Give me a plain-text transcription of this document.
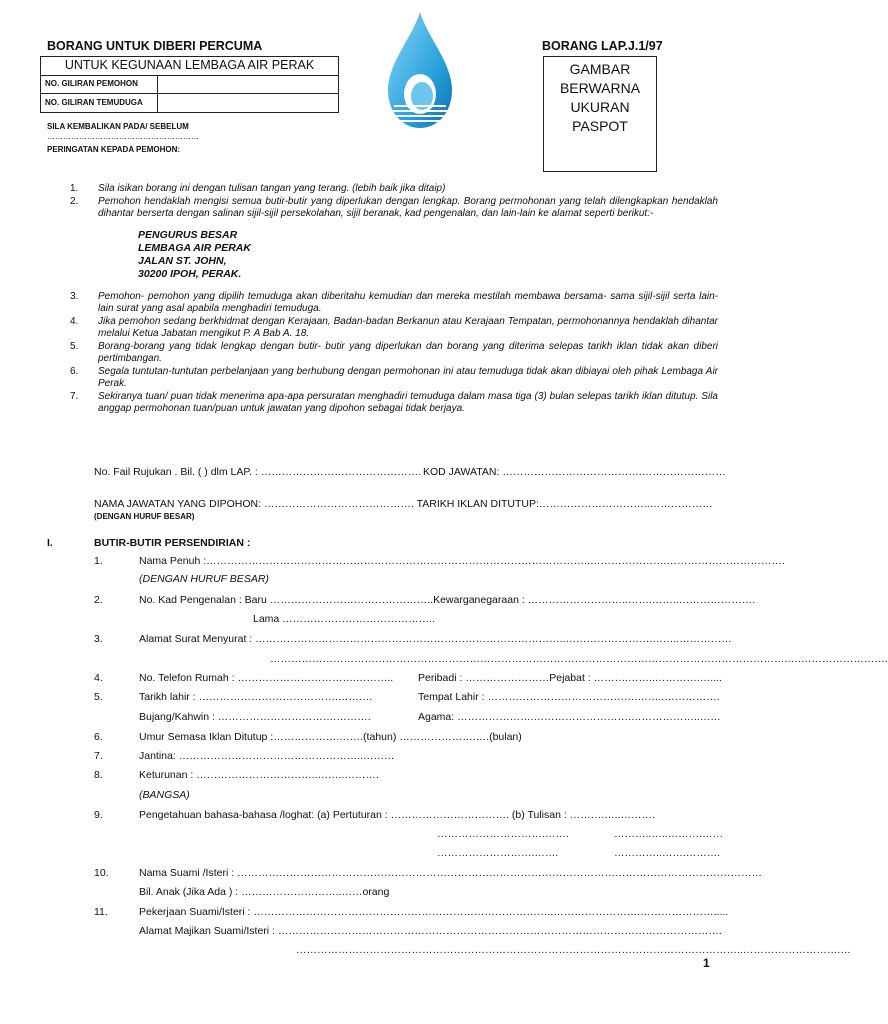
BORANG UNTUK DIBERI PERCUMA	BORANG LAP.J.1/97
UNTUK KEGUNAAN LEMBAGA AIR PERAK
NO. GILIRAN PEMOHON
NO. GILIRAN TEMUDUGA
SILA KEMBALIKAN PADA/ SEBELUM
…………………………………………………
PERINGATAN KEPADA PEMOHON:
GAMBAR
BERWARNA
UKURAN
PASPOT
1. Sila isikan borang ini dengan tulisan tangan yang terang. (lebih baik jika ditaip)
2. Pemohon hendaklah mengisi semua butir-butir yang diperlukan dengan lengkap. Borang permohonan yang telah dilengkapkan hendaklah dihantar berserta dengan salinan sijil-sijil persekolahan, sijil beranak, kad pengenalan, dan lain-lain ke alamat seperti berikut:-
PENGURUS BESAR
LEMBAGA AIR PERAK
JALAN ST. JOHN,
30200 IPOH, PERAK.
3. Pemohon- pemohon yang dipilih temuduga akan diberitahu kemudian dan mereka mestilah membawa bersama- sama sijil-sijil serta lain- lain surat yang asal apabila menghadiri temuduga.
4. Jika pemohon sedang berkhidmat dengan Kerajaan, Badan-badan Berkanun atau Kerajaan Tempatan, permohonannya hendaklah dihantar melalui Ketua Jabatan mengikut P. A Bab A. 18.
5. Borang-borang yang tidak lengkap dengan butir- butir yang diperlukan dan borang yang diterima selepas tarikh iklan tidak akan diberi pertimbangan.
6. Segala tuntutan-tuntutan perbelanjaan yang berhubung dengan permohonan ini atau temuduga tidak akan dibiayai oleh pihak Lembaga Air Perak.
7. Sekiranya tuan/ puan tidak menerima apa-apa persuratan menghadiri temuduga dalam masa tiga (3) bulan selepas tarikh iklan ditutup. Sila anggap permohonan tuan/puan untuk jawatan yang dipohon sebagai tidak berjaya.
No. Fail Rujukan . Bil. ( ) dlm LAP. : ………………………………………. KOD JAWATAN: ………………………………….……………………
NAMA JAWATAN YANG DIPOHON: ……………………………………. TARIKH IKLAN DITUTUP:…………………………..………………
(DENGAN HURUF BESAR)
I.	BUTIR-BUTIR PERSENDIRIAN :
1.	Nama Penuh :………………………………………………………………………………………………..………………….…………………………….
(DENGAN HURUF BESAR)
2.	No. Kad Pengenalan : Baru ………………………………………..Kewarganegaraan : ………………………..…….……..………………….
Lama ……………………………………..
3.	Alamat Surat Menyurat : ……………………………………………………………………………..…………………….……..……………
………………………………………………………………………………………………………………………………….….…………………….
4.	No. Telefon Rumah : …………………………….……….. Peribadi : ……………………Pejabat : ……….……..………….…....
5.	Tarikh lahir : ………………………………….……….	Tempat Lahir : …………………………………….……..…………….
Bujang/Kahwin : …………………………….……….	Agama: ………………….……………………….………………..……
6.	Umur Semasa Iklan Ditutup :……………….…….(tahun) ………………….….(bulan)
7.	Jantina: ……………………………………………..………
8.	Keturunan : ……………………………..……..……….
(BANGSA)
9.	Pengetahuan bahasa-bahasa /loghat: (a) Pertuturan : ……………………………. (b) Tulisan : ……….…..……….
………………………….…….	………..…..……….……
……………………….…….	…………..…….……….
10.	Nama Suami /Isteri : ……………………………………………………………………………………………………………………………………
Bil. Anak (Jika Ada ) : ………………………..……orang
11.	Pekerjaan Suami/Isteri : …………………………………………………………………………..…………………….………………….....
Alamat Majikan Suami/Isteri : ……………………………………………………………………………………………………………….
………………………………………………………………………………………………………………..……………………….…
1
